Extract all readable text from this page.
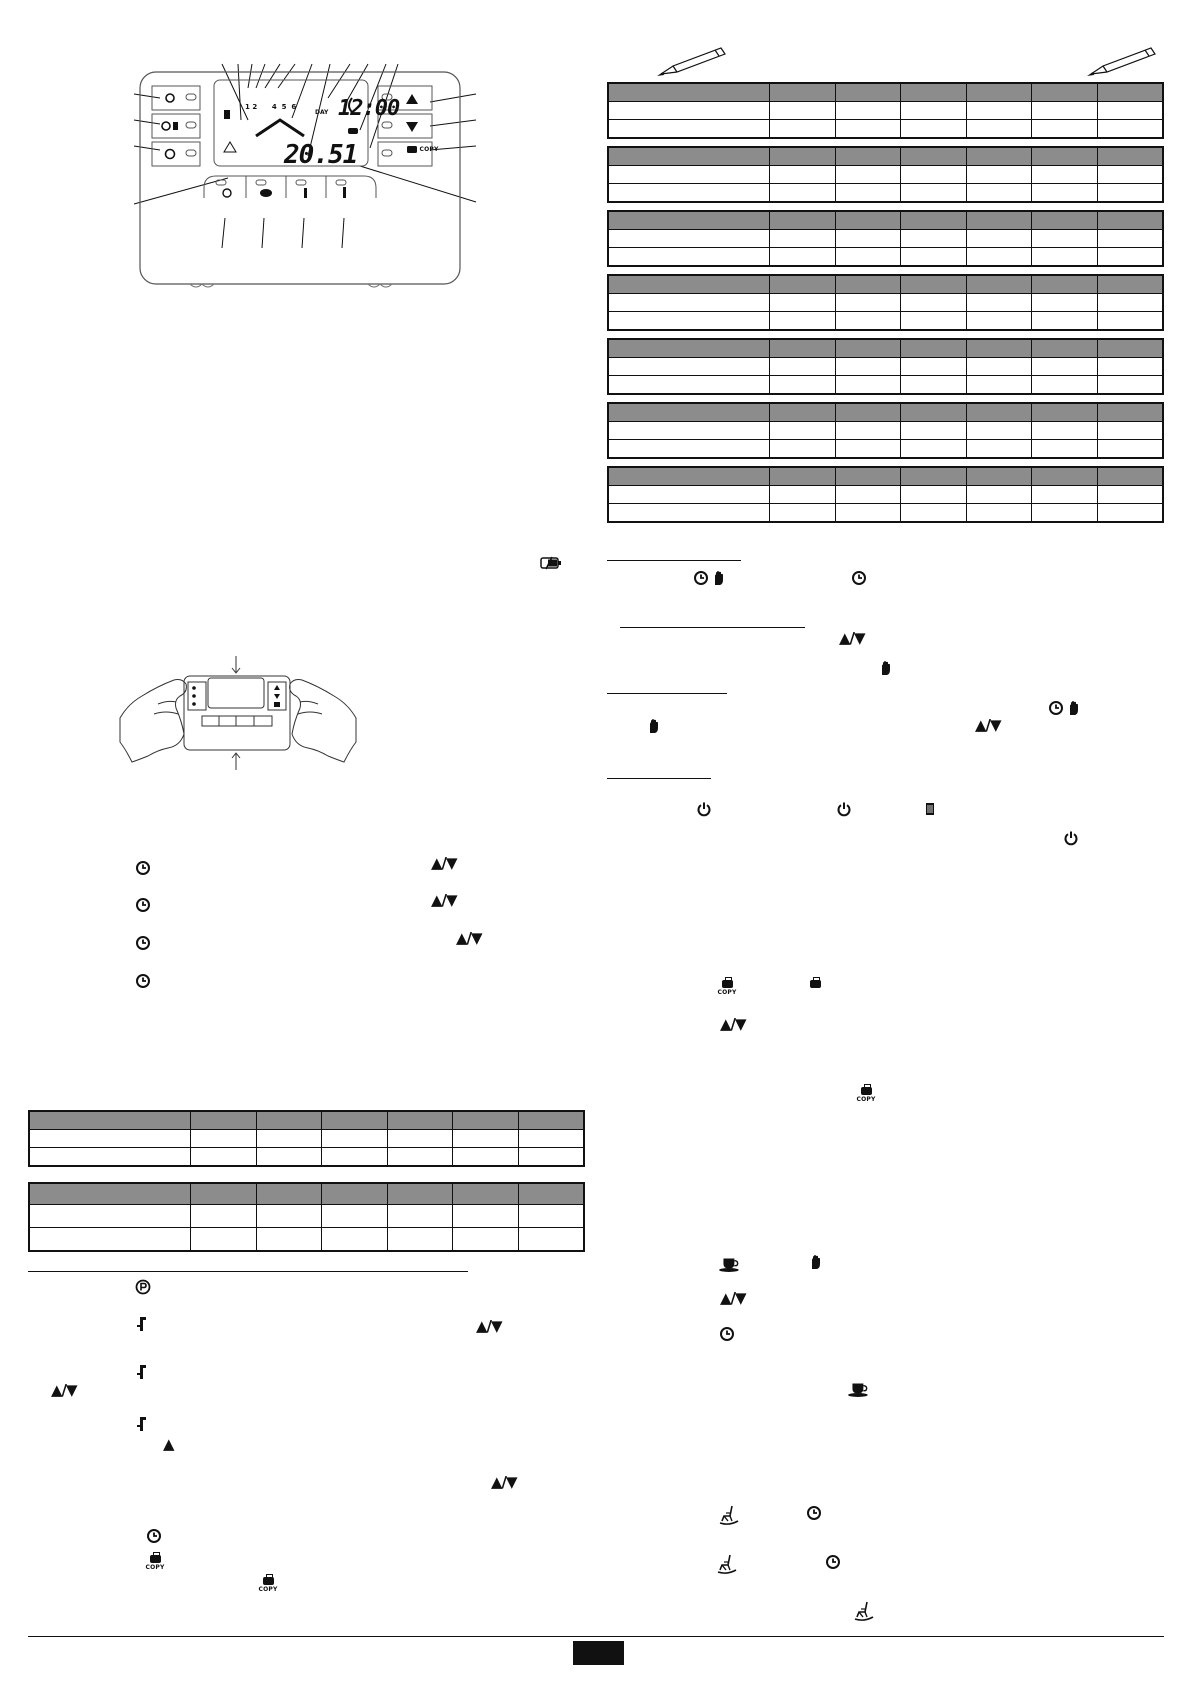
12:00
DAY
20.51
1 2 4 5 6
COPY

▲/▼
▲/▼
▲/▼
▲/▼
▲/▼
▲
▲/▼
COPY
COPY
▲/▼
▲/▼
COPY
▲/▼
COPY
▲/▼
